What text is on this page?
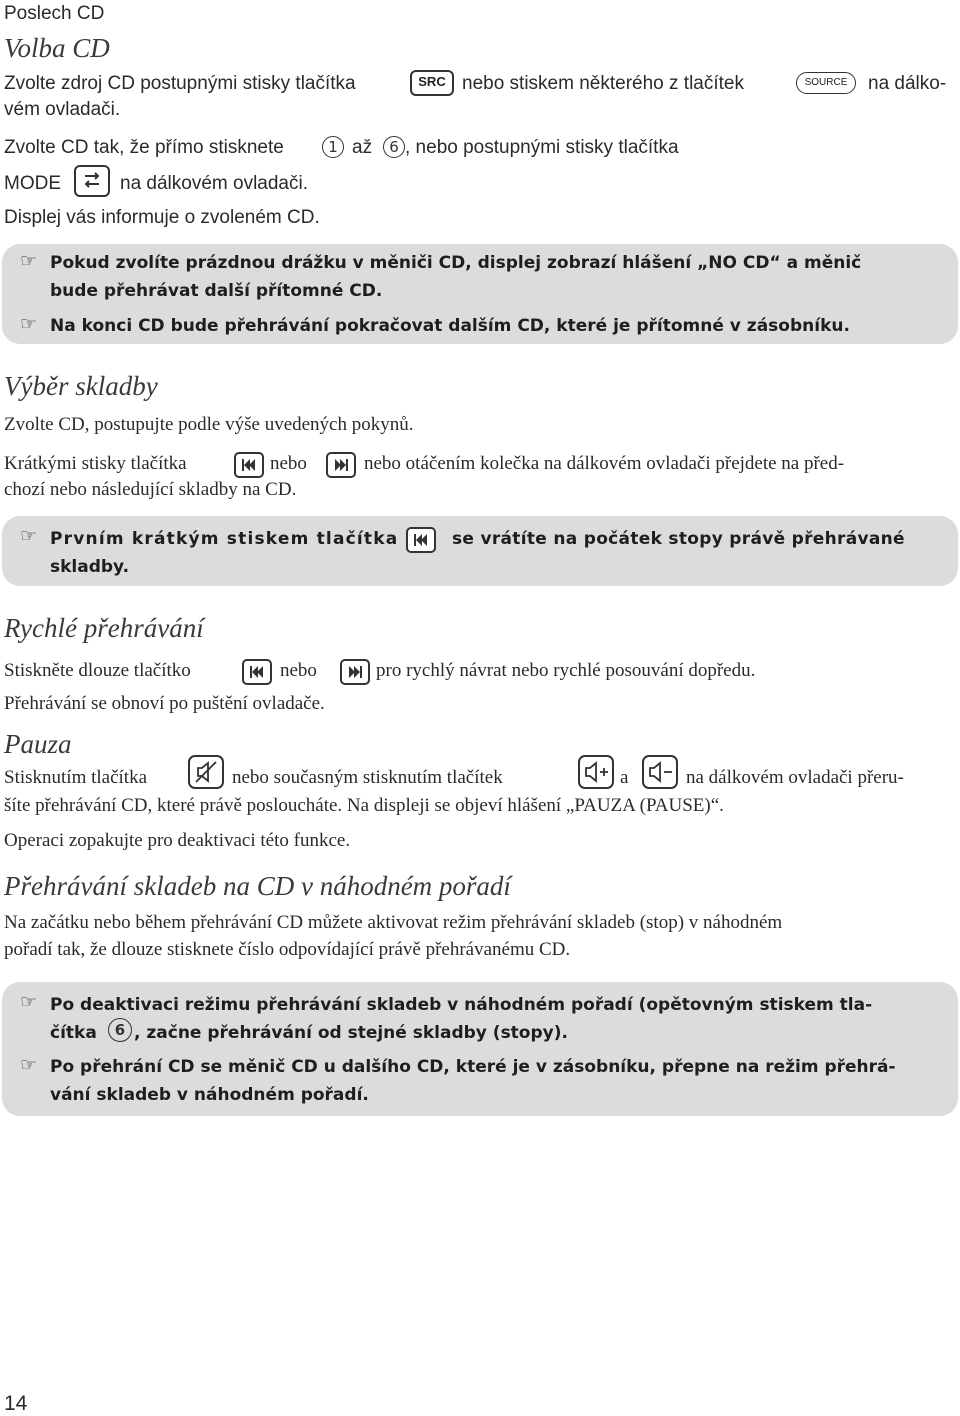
Poslech CD
Volba CD
Zvolte zdroj CD postupnými stisky tlačítka	SRC nebo stiskem některého z tlačítek	SOURCE	na dálko-
vém ovladači.
Zvolte CD tak, že přímo stisknete	1 až	6 , nebo postupnými stisky tlačítka
MODE	na dálkovém ovladači.
Displej vás informuje o zvoleném CD.
☞ Pokud zvolíte prázdnou drážku v měniči CD, displej zobrazí hlášení „NO CD“ a měnič
bude přehrávat další přítomné CD.
☞ Na konci CD bude přehrávání pokračovat dalším CD, které je přítomné v zásobníku.
Výběr skladby
Zvolte CD, postupujte podle výše uvedených pokynů.
Krátkými stisky tlačítka	nebo	nebo otáčením kolečka na dálkovém ovladači přejdete na před-
chozí nebo následující skladby na CD.
☞ Prvním krátkým stiskem tlačítka	se vrátíte na počátek stopy právě přehrávané
skladby.
Rychlé přehrávání
Stiskněte dlouze tlačítko	nebo	pro rychlý návrat nebo rychlé posouvání dopředu.
Přehrávání se obnoví po puštění ovladače.
Pauza
Stisknutím tlačítka	nebo současným stisknutím tlačítek	a	na dálkovém ovladači přeru-
šíte přehrávání CD, které právě posloucháte. Na displeji se objeví hlášení „PAUZA (PAUSE)“.
Operaci zopakujte pro deaktivaci této funkce.
Přehrávání skladeb na CD v náhodném pořadí
Na začátku nebo během přehrávání CD můžete aktivovat režim přehrávání skladeb (stop) v náhodném
pořadí tak, že dlouze stisknete číslo odpovídající právě přehrávanému CD.
☞ Po deaktivaci režimu přehrávání skladeb v náhodném pořadí (opětovným stiskem tla-
čítka	6 , začne přehrávání od stejné skladby (stopy).
☞ Po přehrání CD se měnič CD u dalšího CD, které je v zásobníku, přepne na režim přehrá-
vání skladeb v náhodném pořadí.
14
